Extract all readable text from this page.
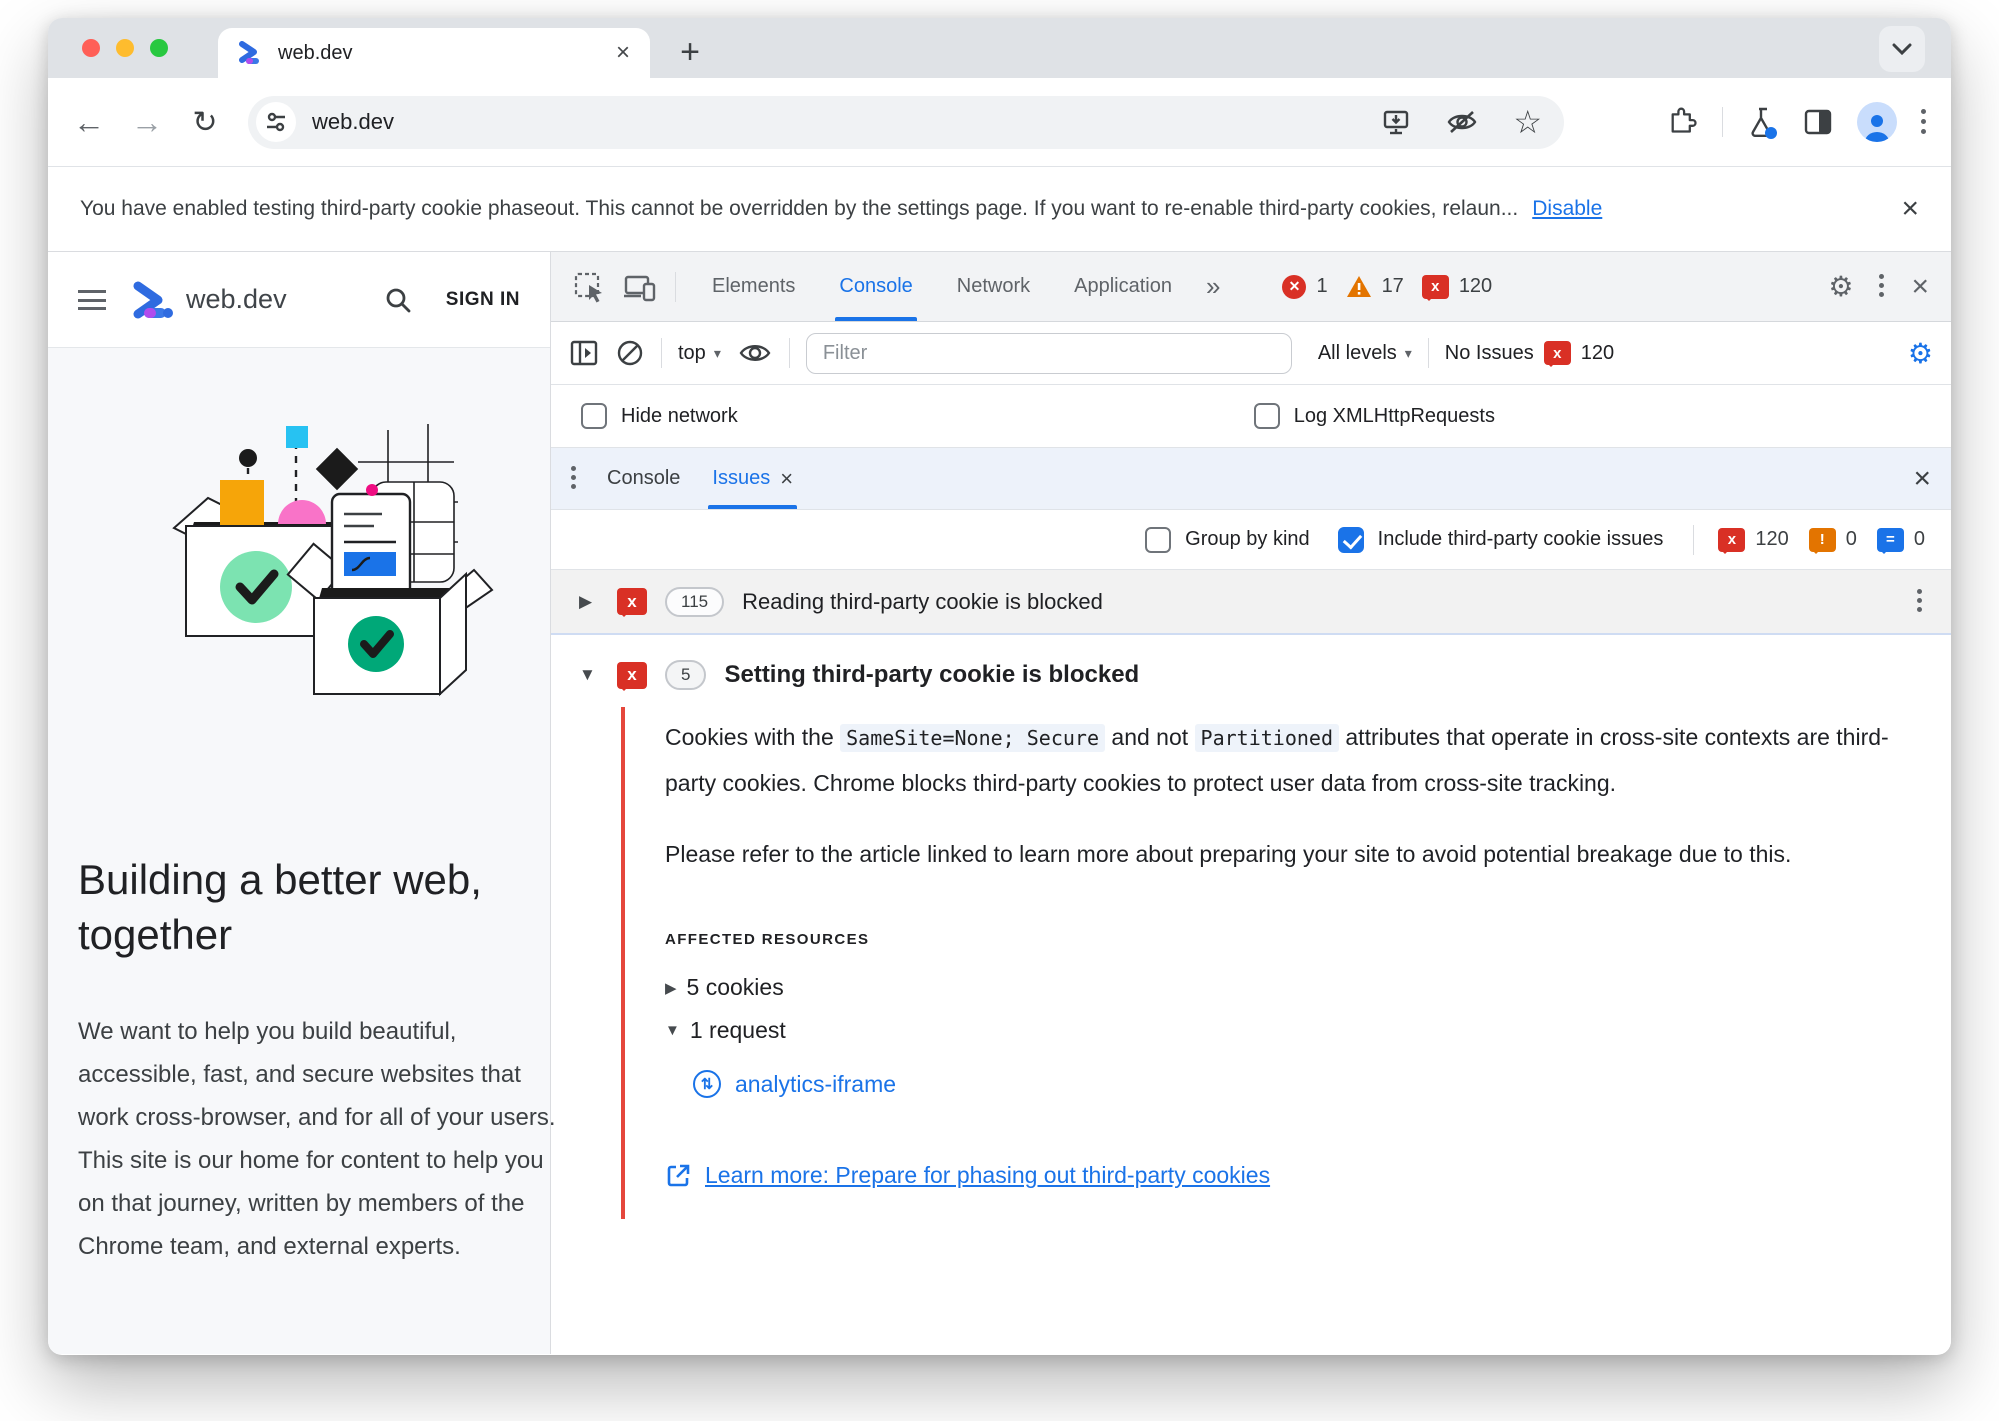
web.dev	×	+
← → ↻	web.dev	☆
You have enabled testing third-party cookie phaseout. This cannot be overridden by the settings page. If you want to re-enable third-party cookies, relaun... Disable	×
web.dev	SIGN IN
Building a better web, together
We want to help you build beautiful, accessible, fast, and secure websites that work cross-browser, and for all of your users. This site is our home for content to help you on that journey, written by members of the Chrome team, and external experts.
Elements Console Network Application	»	✕ 1	17	x 120	⚙ ×
top ▾
Filter	All levels ▾ No Issues	x 120	⚙
Hide network	Log XMLHttpRequests
Console Issues ×	×
Group by kind	Include third-party cookie issues	x 120	!	0	= 0
▶	x	115	Reading third-party cookie is blocked
▼	x	5	Setting third-party cookie is blocked

Cookies with the SameSite=None; Secure and not Partitioned attributes that operate in cross-site contexts are third-party cookies. Chrome blocks third-party cookies to protect user data from cross-site tracking.

Please refer to the article linked to learn more about preparing your site to avoid potential breakage due to this.

AFFECTED RESOURCES
▶ 5 cookies
▼ 1 request
⇅ analytics-iframe
Learn more: Prepare for phasing out third-party cookies
